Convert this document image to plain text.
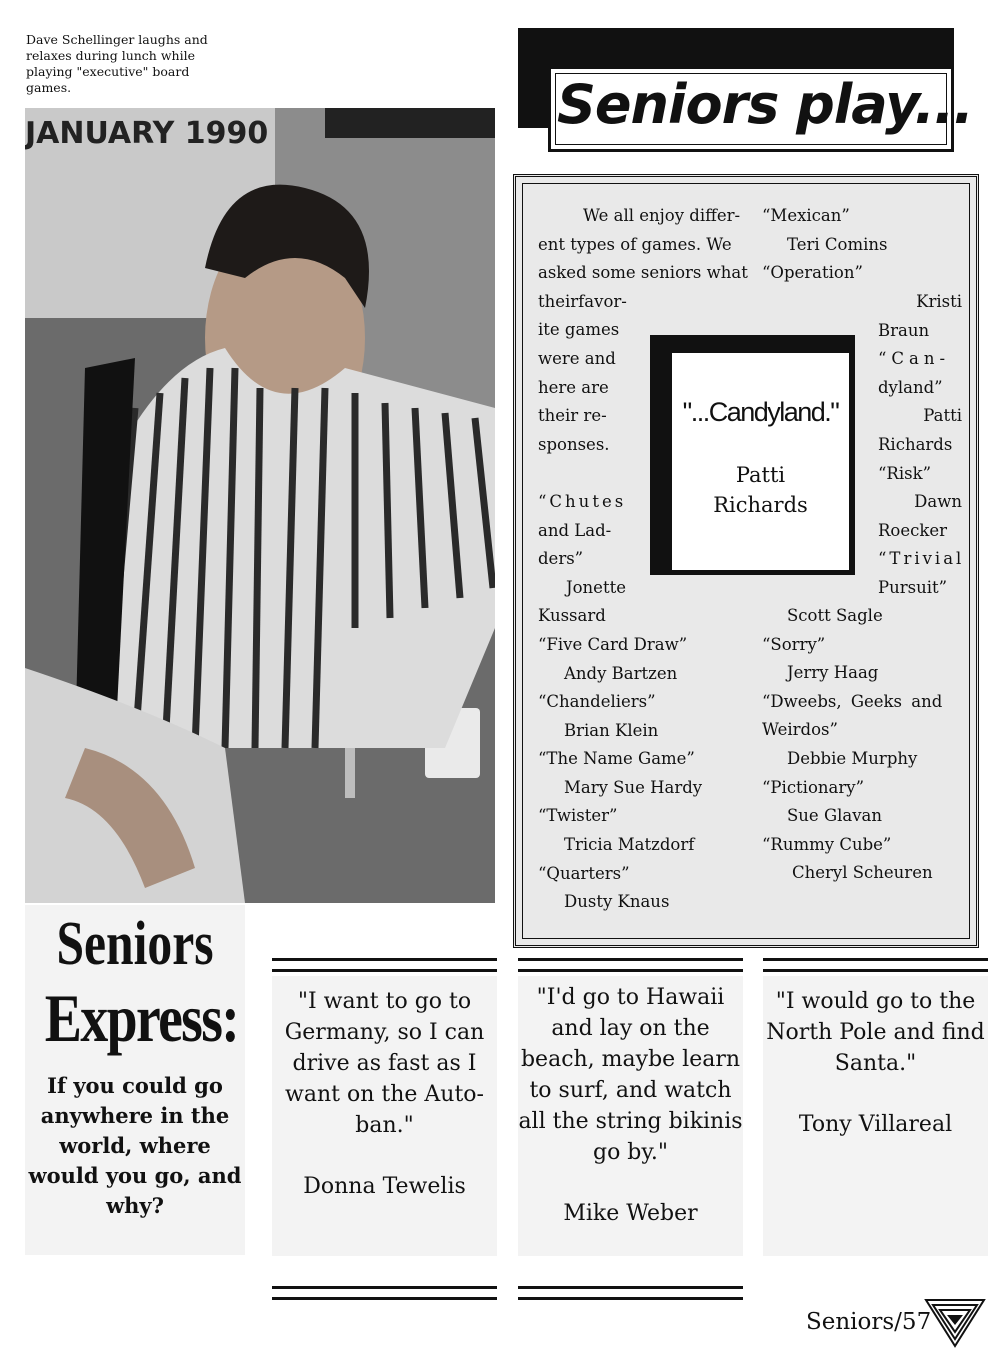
Dave Schellinger laughs and relaxes during lunch while playing "executive" board games.
JANUARY 1990	Seniors play...
We all enjoy differ-
ent types of games. We
asked some seniors what
theirfavor-
ite games
were and
here are
their re-
sponses.

“Chutes
and Lad-
ders”
Jonette
Kussard
“Five Card Draw”
Andy Bartzen
“Chandeliers”
Brian Klein
“The Name Game”
Mary Sue Hardy
“Twister”
Tricia Matzdorf
“Quarters”
Dusty Knaus
“Mexican”
Teri Comins
“Operation”
Kristi
Braun
“Can-
dyland”
Patti
Richards
“Risk”
Dawn
Roecker
“Trivial
Pursuit”
Scott Sagle
“Sorry”
Jerry Haag
“Dweebs, Geeks and
Weirdos”
Debbie Murphy
“Pictionary”
Sue Glavan
“Rummy Cube”
Cheryl Scheuren
"...Candyland."
Patti
Richards
Seniors
Express:
If you could go anywhere in the world, where would you go, and why?
"I want to go to Germany, so I can drive as fast as I want on the Auto-ban."
Donna Tewelis
"I'd go to Hawaii and lay on the beach, maybe learn to surf, and watch all the string bikinis go by."
Mike Weber
"I would go to the North Pole and find Santa."
Tony Villareal
Seniors/57
